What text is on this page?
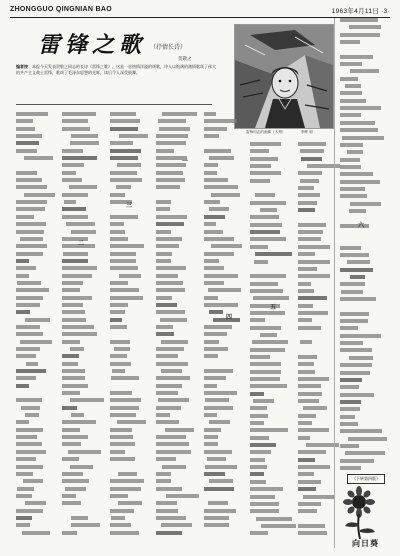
ZHONGGUO QINGNIAN BAO	1963年4月11日 ·3·
雷锋之歌 （抒情长诗）
贺敬之
编者按：本报今天发表贺敬之同志的长诗《雷锋之歌》。这是一首热情洋溢的颂歌，诗人以饱满的激情歌颂了伟大的共产主义战士雷锋，歌颂了毛泽东思想的光辉，读后令人深受鼓舞。
雷锋同志的画像（木刻）	李桦 刻
一
二
三
四
五
六
（下转第四版）
向日葵
